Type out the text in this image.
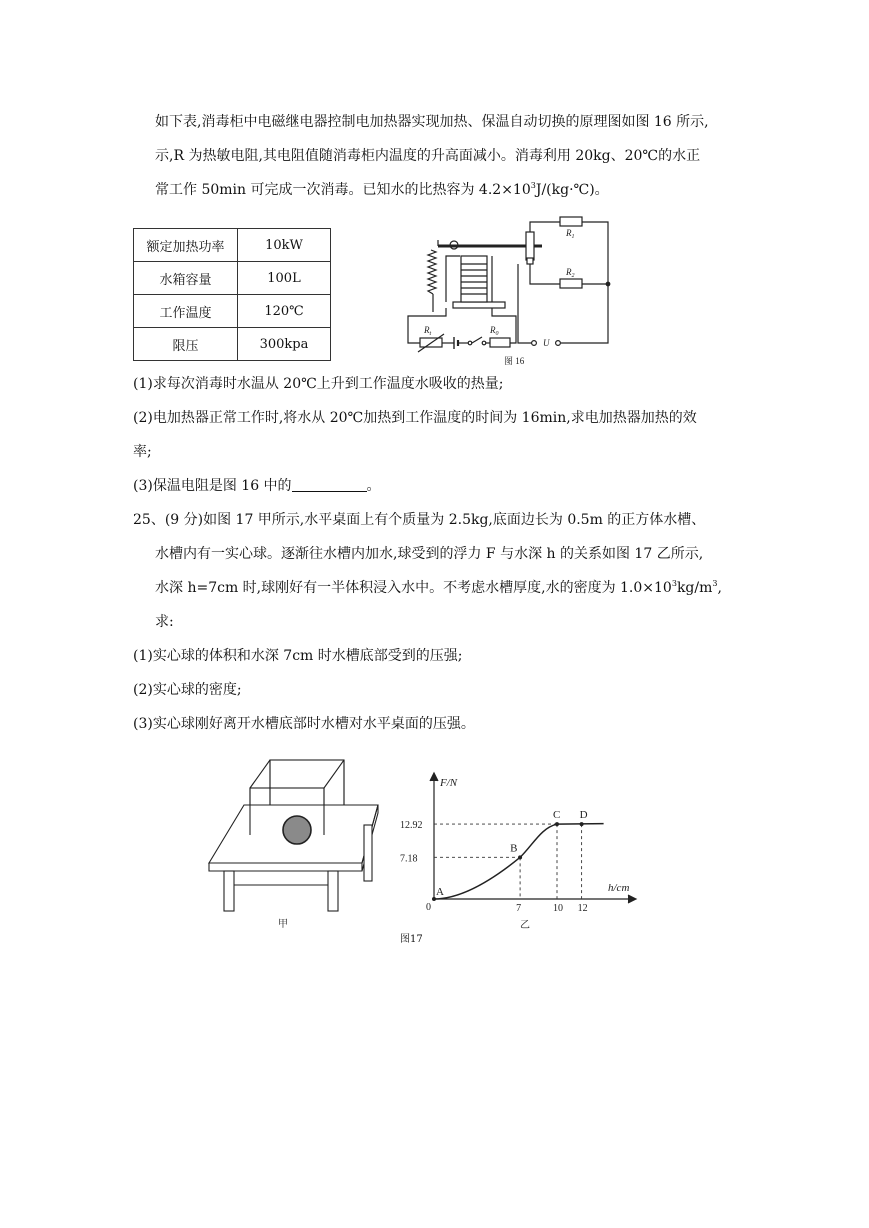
如下表,消毒柜中电磁继电器控制电加热器实现加热、保温自动切换的原理图如图 16 所示,
示,R 为热敏电阻,其电阻值随消毒柜内温度的升高面减小。消毒利用 20kg、20℃的水正
常工作 50min 可完成一次消毒。已知水的比热容为 $4.2\times 10^3J/(kg\cdot℃)$。
额定加热功率	10kW
水箱容量	100L
工作温度	120℃
限压	300kpa
$R_1$
$R_2$
$R_t$	$R_0$
U
图 16
(1)求每次消毒时水温从 20℃上升到工作温度水吸收的热量;
(2)电加热器正常工作时,将水从 20℃加热到工作温度的时间为 16min,求电加热器加热的效
率;
(3)保温电阻是图 16 中的	。
25、(9 分)如图 17 甲所示,水平桌面上有个质量为 2.5kg,底面边长为 0.5m 的正方体水槽、
水槽内有一实心球。逐渐往水槽内加水,球受到的浮力 F 与水深 h 的关系如图 17 乙所示,
水深 h=7cm 时,球刚好有一半体积浸入水中。不考虑水槽厚度,水的密度为 $1.0\times 10^3kg/m^3$,
求:
(1)实心球的体积和水深 7cm 时水槽底部受到的压强;
(2)实心球的密度;
(3)实心球刚好离开水槽底部时水槽对水平桌面的压强。
甲
A
B
C D
12.92
7.18
7	10 12
F/N
h/cm
0
乙
图17
